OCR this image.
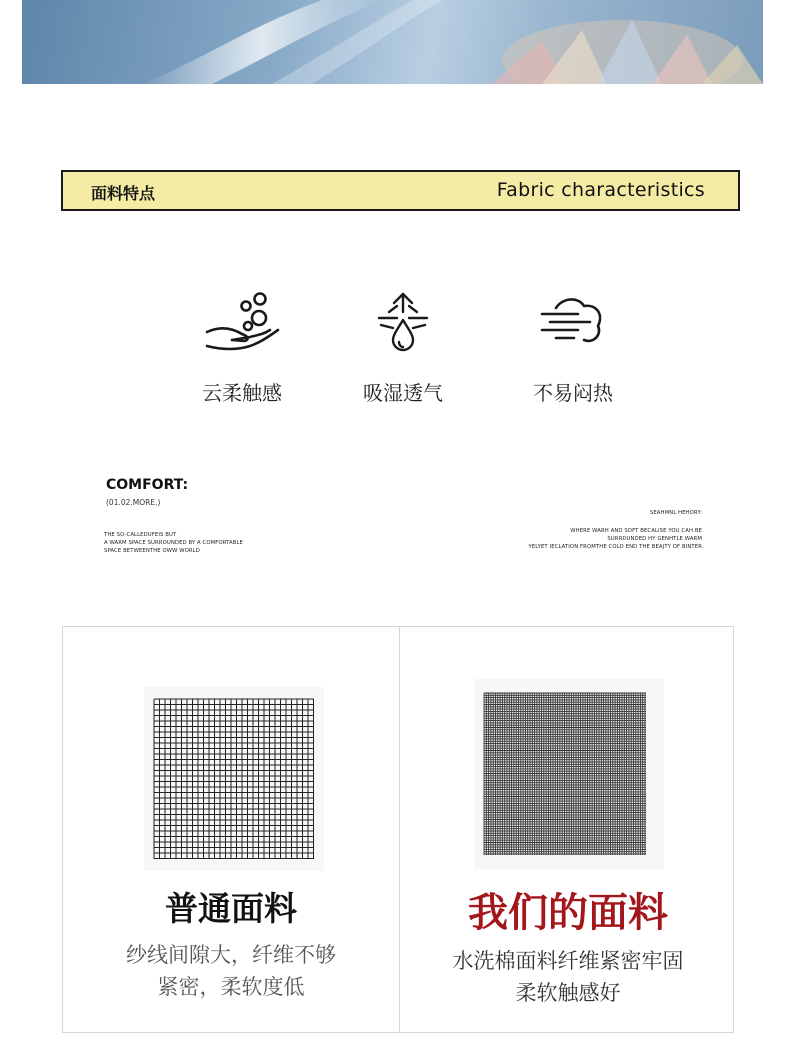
面料特点	Fabric characteristics
云柔触感	吸湿透气	不易闷热
COMFORT:
(01.02.MORE.)
THE SO-CALLEDUFEIS BUT
A WARM SPACE SURROUNDED BY A COMFORTABLE
SPACE BETWEENTHE OWW WORLD
SEAHMNL HEHORY:
WHERE WARH AND SOFT BECALISE YOU CAH BE
SURRDUNDED HY GENHTLE WARM
YELYET IECLATION FROMTHE COLD END THE BEAJTY OF BINTER
普通面料
纱线间隙大，纤维不够
紧密，柔软度低
我们的面料
水洗棉面料纤维紧密牢固
柔软触感好
